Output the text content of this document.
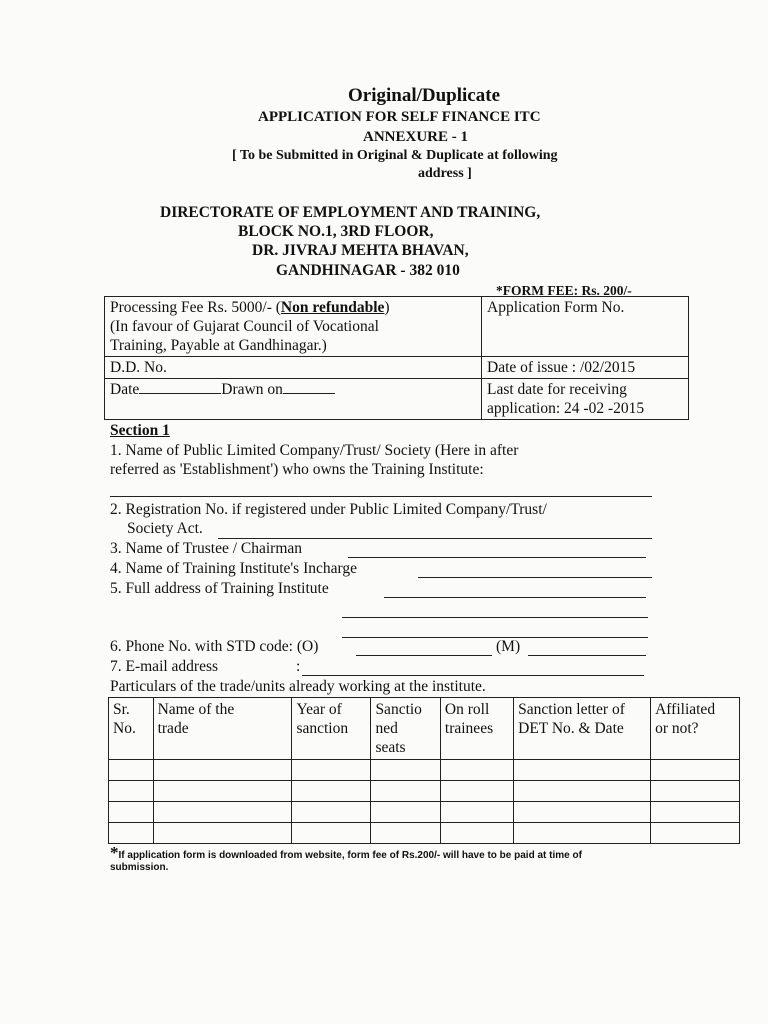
Original/Duplicate
APPLICATION FOR SELF FINANCE ITC
ANNEXURE - 1
[ To be Submitted in Original & Duplicate at following
address ]
DIRECTORATE OF EMPLOYMENT AND TRAINING,
BLOCK NO.1, 3RD FLOOR,
DR. JIVRAJ MEHTA BHAVAN,
GANDHINAGAR - 382 010
*FORM FEE: Rs. 200/-
Processing Fee Rs. 5000/- (Non refundable)
(In favour of Gujarat Council of Vocational
Training, Payable at Gandhinagar.)	Application Form No.
D.D. No.	Date of issue : /02/2015
Date Drawn on	Last date for receiving
application: 24 -02 -2015
Section 1
1. Name of Public Limited Company/Trust/ Society (Here in after
referred as 'Establishment') who owns the Training Institute:
2. Registration No. if registered under Public Limited Company/Trust/
Society Act.
3. Name of Trustee / Chairman
4. Name of Training Institute's Incharge
5. Full address of Training Institute
6. Phone No. with STD code: (O)	(M)
7. E-mail address	:
Particulars of the trade/units already working at the institute.
Sr.
No.	Name of the
trade	Year of
sanction	Sanctio
ned
seats	On roll
trainees	Sanction letter of
DET No. & Date	Affiliated
or not?

*If application form is downloaded from website, form fee of Rs.200/- will have to be paid at time of
submission.
